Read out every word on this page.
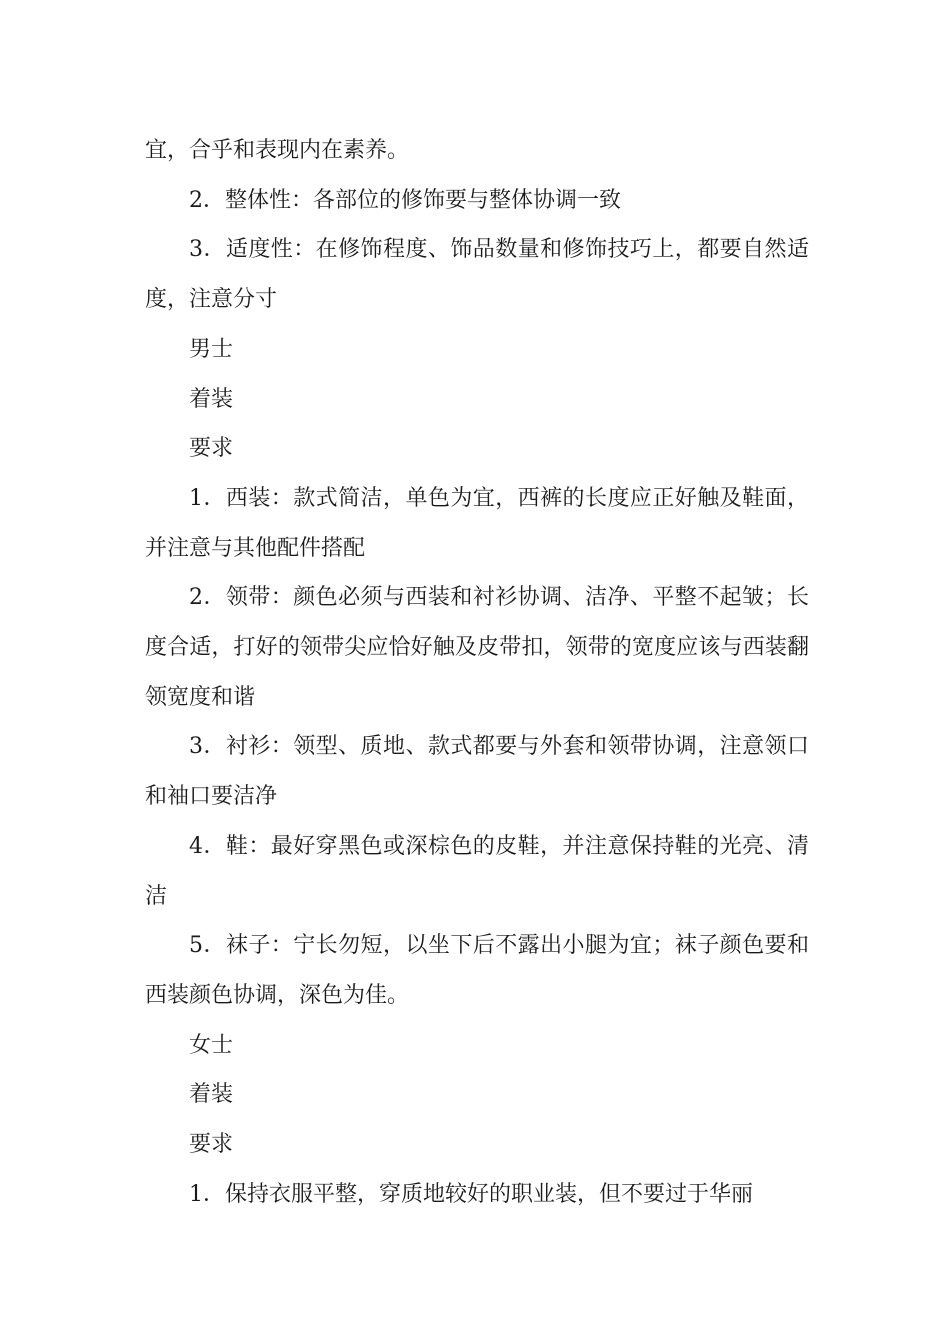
宜，合乎和表现内在素养。

2．整体性：各部位的修饰要与整体协调一致

3．适度性：在修饰程度、饰品数量和修饰技巧上，都要自然适度，注意分寸

男士

着装

要求

1．西装：款式简洁，单色为宜，西裤的长度应正好触及鞋面，并注意与其他配件搭配

2．领带：颜色必须与西装和衬衫协调、洁净、平整不起皱；长度合适，打好的领带尖应恰好触及皮带扣，领带的宽度应该与西装翻领宽度和谐

3．衬衫：领型、质地、款式都要与外套和领带协调，注意领口和袖口要洁净

4．鞋：最好穿黑色或深棕色的皮鞋，并注意保持鞋的光亮、清洁

5．袜子：宁长勿短，以坐下后不露出小腿为宜；袜子颜色要和西装颜色协调，深色为佳。

女士

着装

要求

1．保持衣服平整，穿质地较好的职业装，但不要过于华丽
